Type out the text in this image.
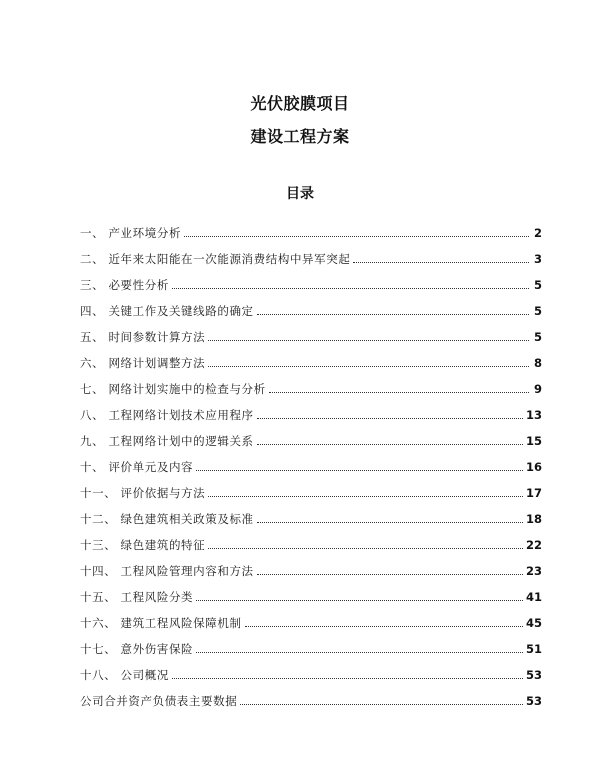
光伏胶膜项目
建设工程方案
目录
一、 产业环境分析	2
二、 近年来太阳能在一次能源消费结构中异军突起	3
三、 必要性分析	5
四、 关键工作及关键线路的确定	5
五、 时间参数计算方法	5
六、 网络计划调整方法	8
七、 网络计划实施中的检查与分析	9
八、 工程网络计划技术应用程序	13
九、 工程网络计划中的逻辑关系	15
十、 评价单元及内容	16
十一、 评价依据与方法	17
十二、 绿色建筑相关政策及标准	18
十三、 绿色建筑的特征	22
十四、 工程风险管理内容和方法	23
十五、 工程风险分类	41
十六、 建筑工程风险保障机制	45
十七、 意外伤害保险	51
十八、 公司概况	53
公司合并资产负债表主要数据	53
